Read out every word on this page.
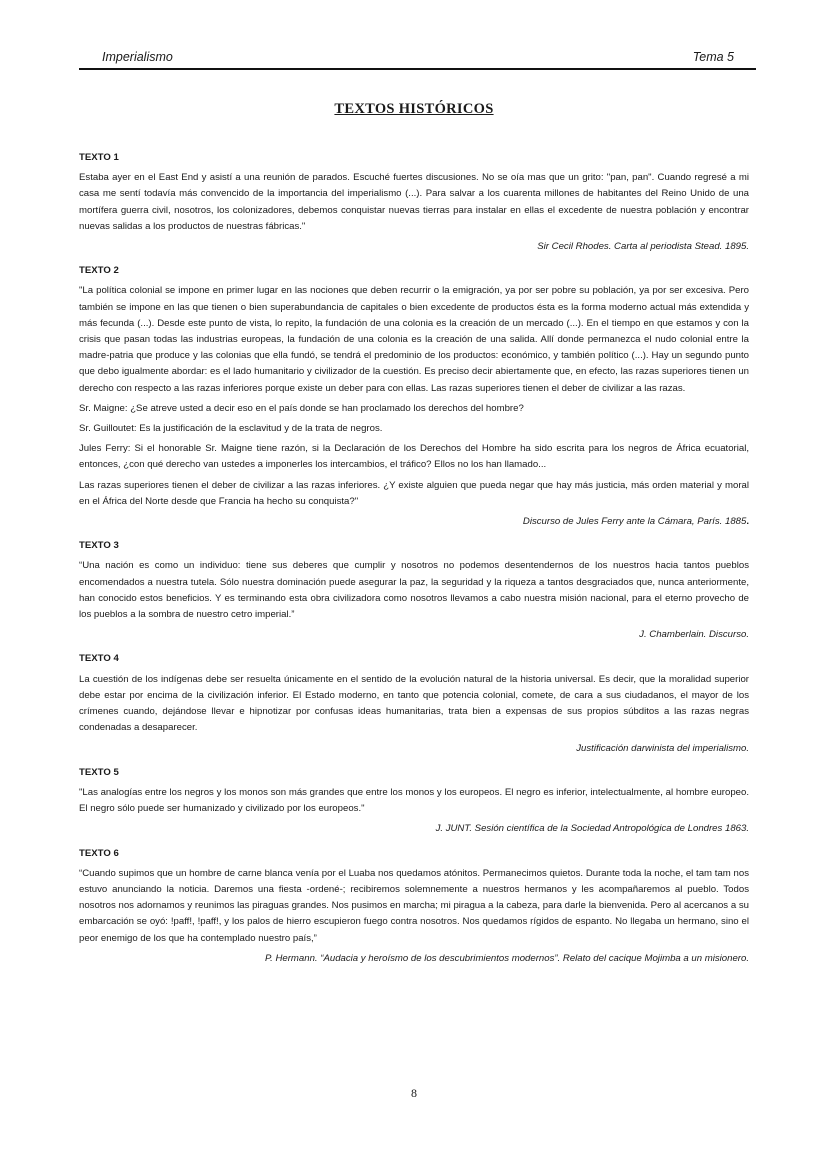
Imperialismo	Tema 5
TEXTOS HISTÓRICOS
TEXTO 1

Estaba ayer en el East End y asistí a una reunión de parados. Escuché fuertes discusiones. No se oía mas que un grito: "pan, pan". Cuando regresé a mi casa me sentí todavía más convencido de la importancia del imperialismo (...). Para salvar a los cuarenta millones de habitantes del Reino Unido de una mortífera guerra civil, nosotros, los colonizadores, debemos conquistar nuevas tierras para instalar en ellas el excedente de nuestra población y encontrar nuevas salidas a los productos de nuestras fábricas."

Sir Cecil Rhodes. Carta al periodista Stead. 1895.
TEXTO 2

"La política colonial se impone en primer lugar en las nociones que deben recurrir o la emigración, ya por ser pobre su población, ya por ser excesiva. Pero también se impone en las que tienen o bien superabundancia de capitales o bien excedente de productos ésta es la forma moderno actual más extendida y más fecunda (...). Desde este punto de vista, lo repito, la fundación de una colonia es la creación de un mercado (...). En el tiempo en que estamos y con la crisis que pasan todas las industrias europeas, la fundación de una colonia es la creación de una salida. Allí donde permanezca el nudo colonial entre la madre-patria que produce y las colonias que ella fundó, se tendrá el predominio de los productos: económico, y también político (...). Hay un segundo punto que debo igualmente abordar: es el lado humanitario y civilizador de la cuestión. Es preciso decir abiertamente que, en efecto, las razas superiores tienen un derecho con respecto a las razas inferiores porque existe un deber para con ellas. Las razas superiores tienen el deber de civilizar a las razas.

Sr. Maigne: ¿Se atreve usted a decir eso en el país donde se han proclamado los derechos del hombre?

Sr. Guilloutet: Es la justificación de la esclavitud y de la trata de negros.

Jules Ferry: Si el honorable Sr. Maigne tiene razón, si la Declaración de los Derechos del Hombre ha sido escrita para los negros de África ecuatorial, entonces, ¿con qué derecho van ustedes a imponerles los intercambios, el tráfico? Ellos no los han llamado...

Las razas superiores tienen el deber de civilizar a las razas inferiores. ¿Y existe alguien que pueda negar que hay más justicia, más orden material y moral en el África del Norte desde que Francia ha hecho su conquista?"

Discurso de Jules Ferry ante la Cámara, París. 1885.
TEXTO 3

“Una nación es como un individuo: tiene sus deberes que cumplir y nosotros no podemos desentendernos de los nuestros hacia tantos pueblos encomendados a nuestra tutela. Sólo nuestra dominación puede asegurar la paz, la seguridad y la riqueza a tantos desgraciados que, nunca anteriormente, han conocido estos beneficios. Y es terminando esta obra civilizadora como nosotros llevamos a cabo nuestra misión nacional, para el eterno provecho de los pueblos a la sombra de nuestro cetro imperial.”

J. Chamberlain. Discurso.
TEXTO 4

La cuestión de los indígenas debe ser resuelta únicamente en el sentido de la evolución natural de la historia universal. Es decir, que la moralidad superior debe estar por encima de la civilización inferior. El Estado moderno, en tanto que potencia colonial, comete, de cara a sus ciudadanos, el mayor de los crímenes cuando, dejándose llevar e hipnotizar por confusas ideas humanitarias, trata bien a expensas de sus propios súbditos a las razas negras condenadas a desaparecer.

Justificación darwinista del imperialismo.
TEXTO 5

"Las analogías entre los negros y los monos son más grandes que entre los monos y los europeos. El negro es inferior, intelectualmente, al hombre europeo. El negro sólo puede ser humanizado y civilizado por los europeos."

J. JUNT. Sesión científica de la Sociedad Antropológica de Londres 1863.
TEXTO 6

“Cuando supimos que un hombre de carne blanca venía por el Luaba nos quedamos atónitos. Permanecimos quietos. Durante toda la noche, el tam tam nos estuvo anunciando la noticia. Daremos una fiesta -ordené-; recibiremos solemnemente a nuestros hermanos y les acompañaremos al pueblo. Todos nosotros nos adornamos y reunimos las piraguas grandes. Nos pusimos en marcha; mi piragua a la cabeza, para darle la bienvenida. Pero al acercanos a su embarcación se oyó: !paff!, !paff!, y los palos de hierro escupieron fuego contra nosotros. Nos quedamos rígidos de espanto. No llegaba un hermano, sino el peor enemigo de los que ha contemplado nuestro país,”

P. Hermann. “Audacia y heroísmo de los descubrimientos modernos”. Relato del cacique Mojimba a un misionero.
8
